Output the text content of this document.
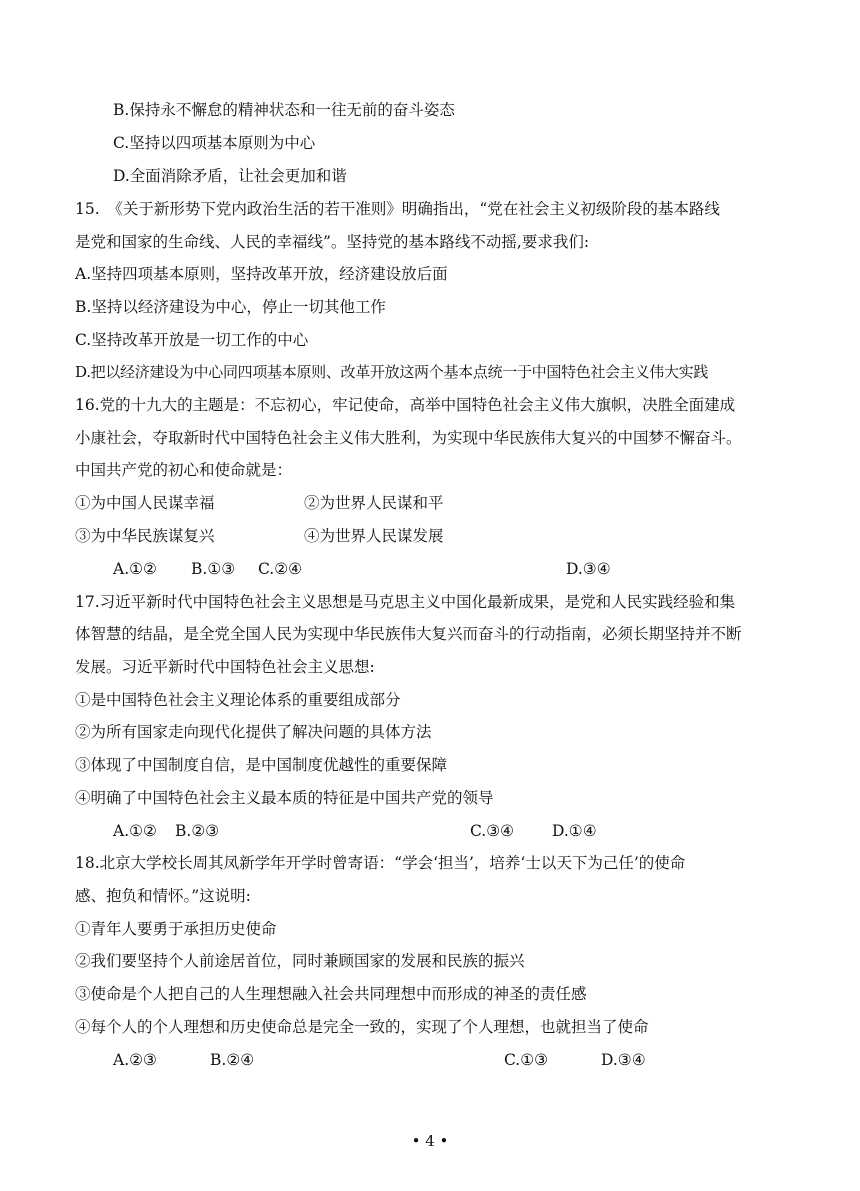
B.保持永不懈怠的精神状态和一往无前的奋斗姿态
C.坚持以四项基本原则为中心
D.全面消除矛盾，让社会更加和谐
15.　《关于新形势下党内政治生活的若干准则》明确指出，“党在社会主义初级阶段的基本路线
是党和国家的生命线、人民的幸福线”。坚持党的基本路线不动摇,要求我们:
A.坚持四项基本原则，坚持改革开放，经济建设放后面
B.坚持以经济建设为中心，停止一切其他工作
C.坚持改革开放是一切工作的中心
D.把以经济建设为中心同四项基本原则、改革开放这两个基本点统一于中国特色社会主义伟大实践
16.党的十九大的主题是：不忘初心，牢记使命，高举中国特色社会主义伟大旗帜，决胜全面建成
小康社会，夺取新时代中国特色社会主义伟大胜利，为实现中华民族伟大复兴的中国梦不懈奋斗。
中国共产党的初心和使命就是：
①为中国人民谋幸福	②为世界人民谋和平
③为中华民族谋复兴	④为世界人民谋发展
A.①② B.①③ C.②④	D.③④
17.习近平新时代中国特色社会主义思想是马克思主义中国化最新成果，是党和人民实践经验和集
体智慧的结晶，是全党全国人民为实现中华民族伟大复兴而奋斗的行动指南，必须长期坚持并不断
发展。习近平新时代中国特色社会主义思想:
①是中国特色社会主义理论体系的重要组成部分
②为所有国家走向现代化提供了解决问题的具体方法
③体现了中国制度自信，是中国制度优越性的重要保障
④明确了中国特色社会主义最本质的特征是中国共产党的领导
A.①② B.②③	C.③④ D.①④
18.北京大学校长周其凤新学年开学时曾寄语：“学会‘担当’，培养‘士以天下为己任’的使命
感、抱负和情怀。”这说明:
①青年人要勇于承担历史使命
②我们要坚持个人前途居首位，同时兼顾国家的发展和民族的振兴
③使命是个人把自己的人生理想融入社会共同理想中而形成的神圣的责任感
④每个人的个人理想和历史使命总是完全一致的，实现了个人理想，也就担当了使命
A.②③	B.②④	C.①③	D.③④
• 4 •
